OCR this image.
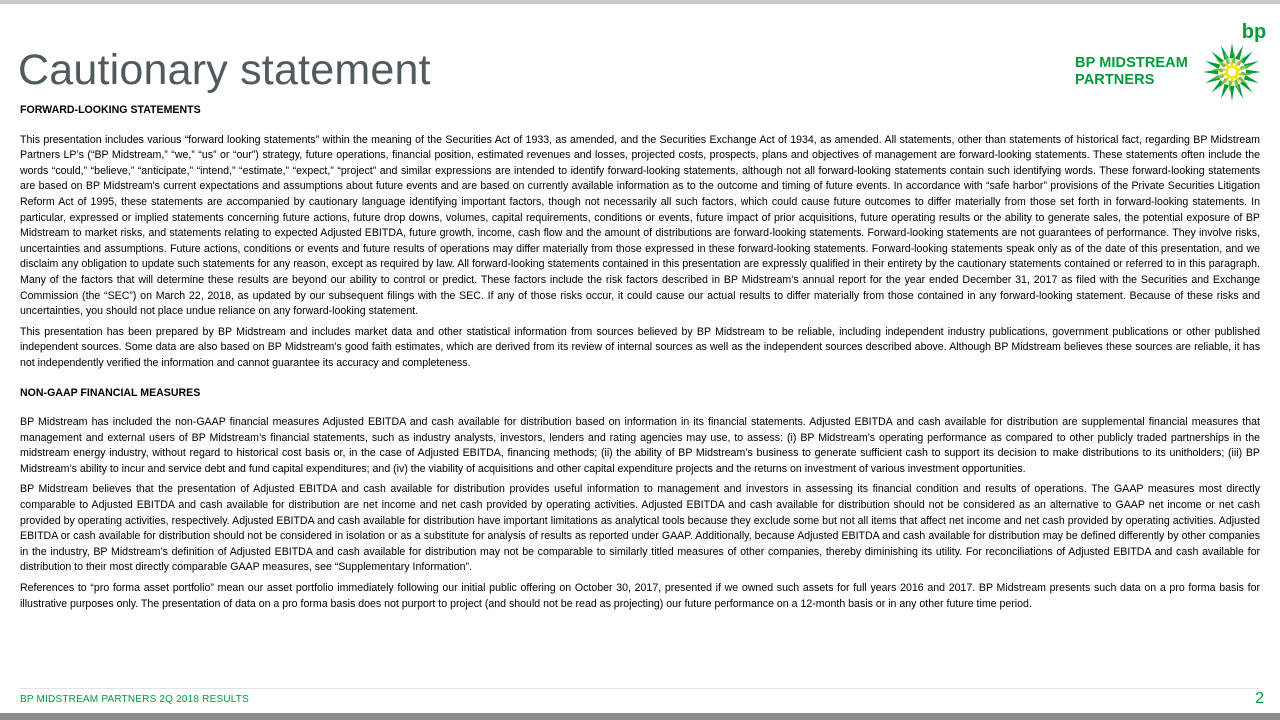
Cautionary statement	BP MIDSTREAM
PARTNERS
bp
FORWARD-LOOKING STATEMENTS

This presentation includes various “forward looking statements” within the meaning of the Securities Act of 1933, as amended, and the Securities Exchange Act of 1934, as amended. All statements, other than statements of historical fact, regarding BP Midstream Partners LP’s (“BP Midstream,” “we,” “us” or “our”) strategy, future operations, financial position, estimated revenues and losses, projected costs, prospects, plans and objectives of management are forward-looking statements. These statements often include the words “could,” “believe,” “anticipate,” “intend,” “estimate,” “expect,” “project” and similar expressions are intended to identify forward-looking statements, although not all forward-looking statements contain such identifying words. These forward-looking statements are based on BP Midstream's current expectations and assumptions about future events and are based on currently available information as to the outcome and timing of future events. In accordance with “safe harbor” provisions of the Private Securities Litigation Reform Act of 1995, these statements are accompanied by cautionary language identifying important factors, though not necessarily all such factors, which could cause future outcomes to differ materially from those set forth in forward-looking statements. In particular, expressed or implied statements concerning future actions, future drop downs, volumes, capital requirements, conditions or events, future impact of prior acquisitions, future operating results or the ability to generate sales, the potential exposure of BP Midstream to market risks, and statements relating to expected Adjusted EBITDA, future growth, income, cash flow and the amount of distributions are forward-looking statements. Forward-looking statements are not guarantees of performance. They involve risks, uncertainties and assumptions. Future actions, conditions or events and future results of operations may differ materially from those expressed in these forward-looking statements. Forward-looking statements speak only as of the date of this presentation, and we disclaim any obligation to update such statements for any reason, except as required by law. All forward-looking statements contained in this presentation are expressly qualified in their entirety by the cautionary statements contained or referred to in this paragraph. Many of the factors that will determine these results are beyond our ability to control or predict. These factors include the risk factors described in BP Midstream’s annual report for the year ended December 31, 2017 as filed with the Securities and Exchange Commission (the “SEC”) on March 22, 2018, as updated by our subsequent filings with the SEC. If any of those risks occur, it could cause our actual results to differ materially from those contained in any forward-looking statement. Because of these risks and uncertainties, you should not place undue reliance on any forward-looking statement.

This presentation has been prepared by BP Midstream and includes market data and other statistical information from sources believed by BP Midstream to be reliable, including independent industry publications, government publications or other published independent sources. Some data are also based on BP Midstream’s good faith estimates, which are derived from its review of internal sources as well as the independent sources described above. Although BP Midstream believes these sources are reliable, it has not independently verified the information and cannot guarantee its accuracy and completeness.

NON-GAAP FINANCIAL MEASURES

BP Midstream has included the non-GAAP financial measures Adjusted EBITDA and cash available for distribution based on information in its financial statements. Adjusted EBITDA and cash available for distribution are supplemental financial measures that management and external users of BP Midstream’s financial statements, such as industry analysts, investors, lenders and rating agencies may use, to assess: (i) BP Midstream’s operating performance as compared to other publicly traded partnerships in the midstream energy industry, without regard to historical cost basis or, in the case of Adjusted EBITDA, financing methods; (ii) the ability of BP Midstream’s business to generate sufficient cash to support its decision to make distributions to its unitholders; (iii) BP Midstream’s ability to incur and service debt and fund capital expenditures; and (iv) the viability of acquisitions and other capital expenditure projects and the returns on investment of various investment opportunities.

BP Midstream believes that the presentation of Adjusted EBITDA and cash available for distribution provides useful information to management and investors in assessing its financial condition and results of operations. The GAAP measures most directly comparable to Adjusted EBITDA and cash available for distribution are net income and net cash provided by operating activities. Adjusted EBITDA and cash available for distribution should not be considered as an alternative to GAAP net income or net cash provided by operating activities, respectively. Adjusted EBITDA and cash available for distribution have important limitations as analytical tools because they exclude some but not all items that affect net income and net cash provided by operating activities. Adjusted EBITDA or cash available for distribution should not be considered in isolation or as a substitute for analysis of results as reported under GAAP. Additionally, because Adjusted EBITDA and cash available for distribution may be defined differently by other companies in the industry, BP Midstream’s definition of Adjusted EBITDA and cash available for distribution may not be comparable to similarly titled measures of other companies, thereby diminishing its utility. For reconciliations of Adjusted EBITDA and cash available for distribution to their most directly comparable GAAP measures, see “Supplementary Information”.

References to “pro forma asset portfolio” mean our asset portfolio immediately following our initial public offering on October 30, 2017, presented if we owned such assets for full years 2016 and 2017. BP Midstream presents such data on a pro forma basis for illustrative purposes only. The presentation of data on a pro forma basis does not purport to project (and should not be read as projecting) our future performance on a 12-month basis or in any other future time period.

BP MIDSTREAM PARTNERS 2Q 2018 RESULTS	2
